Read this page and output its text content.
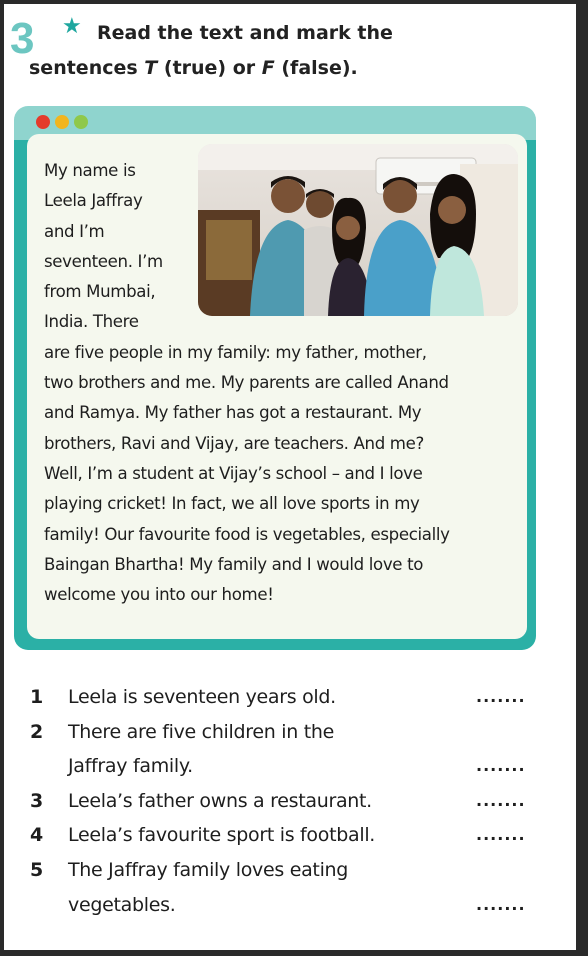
3 ★ Read the text and mark the
sentences T (true) or F (false).
My name is
Leela Jaffray
and I’m
seventeen. I’m
from Mumbai,
India. There
are five people in my family: my father, mother,
two brothers and me. My parents are called Anand
and Ramya. My father has got a restaurant. My
brothers, Ravi and Vijay, are teachers. And me?
Well, I’m a student at Vijay’s school – and I love
playing cricket! In fact, we all love sports in my
family! Our favourite food is vegetables, especially
Baingan Bhartha! My family and I would love to
welcome you into our home!
1 Leela is seventeen years old.	.......
2 There are five children in the
Jaffray family.	.......
3 Leela’s father owns a restaurant.	.......
4 Leela’s favourite sport is football.	.......
5 The Jaffray family loves eating
vegetables.	.......
